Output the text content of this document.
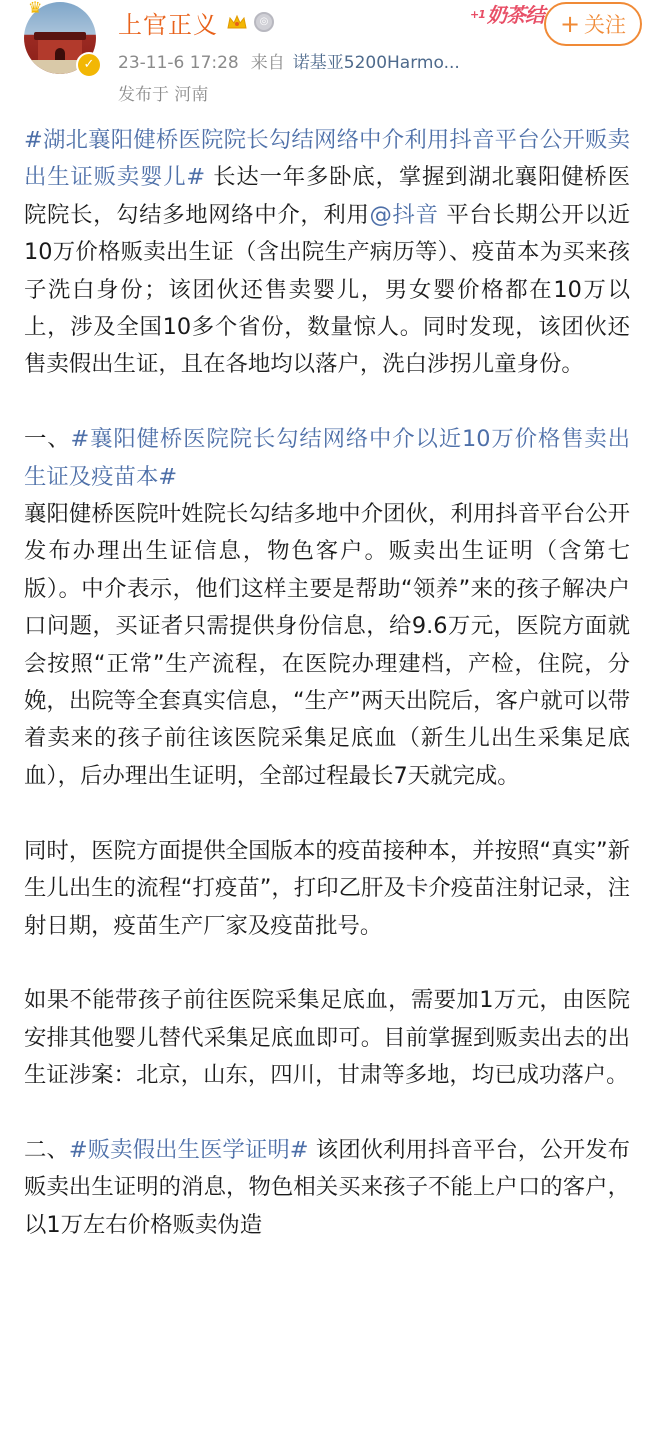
♛
✓
上官正义	◎
23-11-6 17:28 来自 诺基亚5200Harmo...
发布于 河南
$^{+1}$ 奶茶结 + 关注

#湖北襄阳健桥医院院长勾结网络中介利用抖音平台公开贩卖出生证贩卖婴儿# 长达一年多卧底，掌握到湖北襄阳健桥医院院长，勾结多地网络中介，利用@抖音 平台长期公开以近10万价格贩卖出生证（含出院生产病历等）、疫苗本为买来孩子洗白身份；该团伙还售卖婴儿，男女婴价格都在10万以上，涉及全国10多个省份，数量惊人。同时发现，该团伙还售卖假出生证，且在各地均以落户，洗白涉拐儿童身份。

一、#襄阳健桥医院院长勾结网络中介以近10万价格售卖出生证及疫苗本#

襄阳健桥医院叶姓院长勾结多地中介团伙，利用抖音平台公开发布办理出生证信息，物色客户。贩卖出生证明（含第七版）。中介表示，他们这样主要是帮助“领养”来的孩子解决户口问题，买证者只需提供身份信息，给9.6万元，医院方面就会按照“正常”生产流程，在医院办理建档，产检，住院，分娩，出院等全套真实信息，“生产”两天出院后，客户就可以带着卖来的孩子前往该医院采集足底血（新生儿出生采集足底血），后办理出生证明，全部过程最长7天就完成。

同时，医院方面提供全国版本的疫苗接种本，并按照“真实”新生儿出生的流程“打疫苗”，打印乙肝及卡介疫苗注射记录，注射日期，疫苗生产厂家及疫苗批号。

如果不能带孩子前往医院采集足底血，需要加1万元，由医院安排其他婴儿替代采集足底血即可。目前掌握到贩卖出去的出生证涉案：北京，山东，四川，甘肃等多地，均已成功落户。

二、#贩卖假出生医学证明# 该团伙利用抖音平台，公开发布贩卖出生证明的消息，物色相关买来孩子不能上户口的客户，以1万左右价格贩卖伪造
